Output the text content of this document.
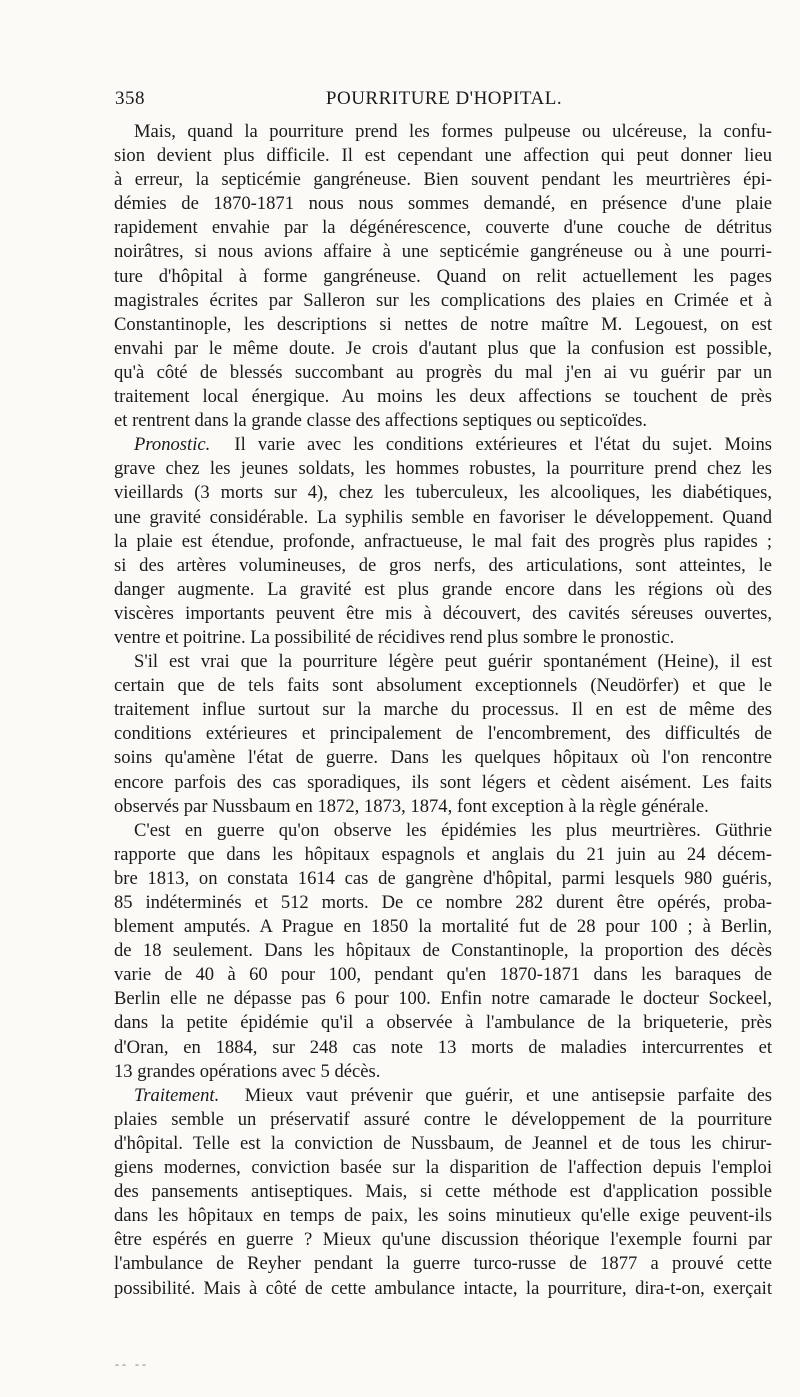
358	POURRITURE D'HOPITAL.
Mais, quand la pourriture prend les formes pulpeuse ou ulcéreuse, la confu-
sion devient plus difficile. Il est cependant une affection qui peut donner lieu
à erreur, la septicémie gangréneuse. Bien souvent pendant les meurtrières épi-
démies de 1870-1871 nous nous sommes demandé, en présence d'une plaie
rapidement envahie par la dégénérescence, couverte d'une couche de détritus
noirâtres, si nous avions affaire à une septicémie gangréneuse ou à une pourri-
ture d'hôpital à forme gangréneuse. Quand on relit actuellement les pages
magistrales écrites par Salleron sur les complications des plaies en Crimée et à
Constantinople, les descriptions si nettes de notre maître M. Legouest, on est
envahi par le même doute. Je crois d'autant plus que la confusion est possible,
qu'à côté de blessés succombant au progrès du mal j'en ai vu guérir par un
traitement local énergique. Au moins les deux affections se touchent de près
et rentrent dans la grande classe des affections septiques ou septicoïdes.
Pronostic. Il varie avec les conditions extérieures et l'état du sujet. Moins
grave chez les jeunes soldats, les hommes robustes, la pourriture prend chez les
vieillards (3 morts sur 4), chez les tuberculeux, les alcooliques, les diabétiques,
une gravité considérable. La syphilis semble en favoriser le développement. Quand
la plaie est étendue, profonde, anfractueuse, le mal fait des progrès plus rapides ;
si des artères volumineuses, de gros nerfs, des articulations, sont atteintes, le
danger augmente. La gravité est plus grande encore dans les régions où des
viscères importants peuvent être mis à découvert, des cavités séreuses ouvertes,
ventre et poitrine. La possibilité de récidives rend plus sombre le pronostic.
S'il est vrai que la pourriture légère peut guérir spontanément (Heine), il est
certain que de tels faits sont absolument exceptionnels (Neudörfer) et que le
traitement influe surtout sur la marche du processus. Il en est de même des
conditions extérieures et principalement de l'encombrement, des difficultés de
soins qu'amène l'état de guerre. Dans les quelques hôpitaux où l'on rencontre
encore parfois des cas sporadiques, ils sont légers et cèdent aisément. Les faits
observés par Nussbaum en 1872, 1873, 1874, font exception à la règle générale.
C'est en guerre qu'on observe les épidémies les plus meurtrières. Güthrie
rapporte que dans les hôpitaux espagnols et anglais du 21 juin au 24 décem-
bre 1813, on constata 1614 cas de gangrène d'hôpital, parmi lesquels 980 guéris,
85 indéterminés et 512 morts. De ce nombre 282 durent être opérés, proba-
blement amputés. A Prague en 1850 la mortalité fut de 28 pour 100 ; à Berlin,
de 18 seulement. Dans les hôpitaux de Constantinople, la proportion des décès
varie de 40 à 60 pour 100, pendant qu'en 1870-1871 dans les baraques de
Berlin elle ne dépasse pas 6 pour 100. Enfin notre camarade le docteur Sockeel,
dans la petite épidémie qu'il a observée à l'ambulance de la briqueterie, près
d'Oran, en 1884, sur 248 cas note 13 morts de maladies intercurrentes et
13 grandes opérations avec 5 décès.
Traitement. Mieux vaut prévenir que guérir, et une antisepsie parfaite des
plaies semble un préservatif assuré contre le développement de la pourriture
d'hôpital. Telle est la conviction de Nussbaum, de Jeannel et de tous les chirur-
giens modernes, conviction basée sur la disparition de l'affection depuis l'emploi
des pansements antiseptiques. Mais, si cette méthode est d'application possible
dans les hôpitaux en temps de paix, les soins minutieux qu'elle exige peuvent-ils
être espérés en guerre ? Mieux qu'une discussion théorique l'exemple fourni par
l'ambulance de Reyher pendant la guerre turco-russe de 1877 a prouvé cette
possibilité. Mais à côté de cette ambulance intacte, la pourriture, dira-t-on, exerçait
-- --
